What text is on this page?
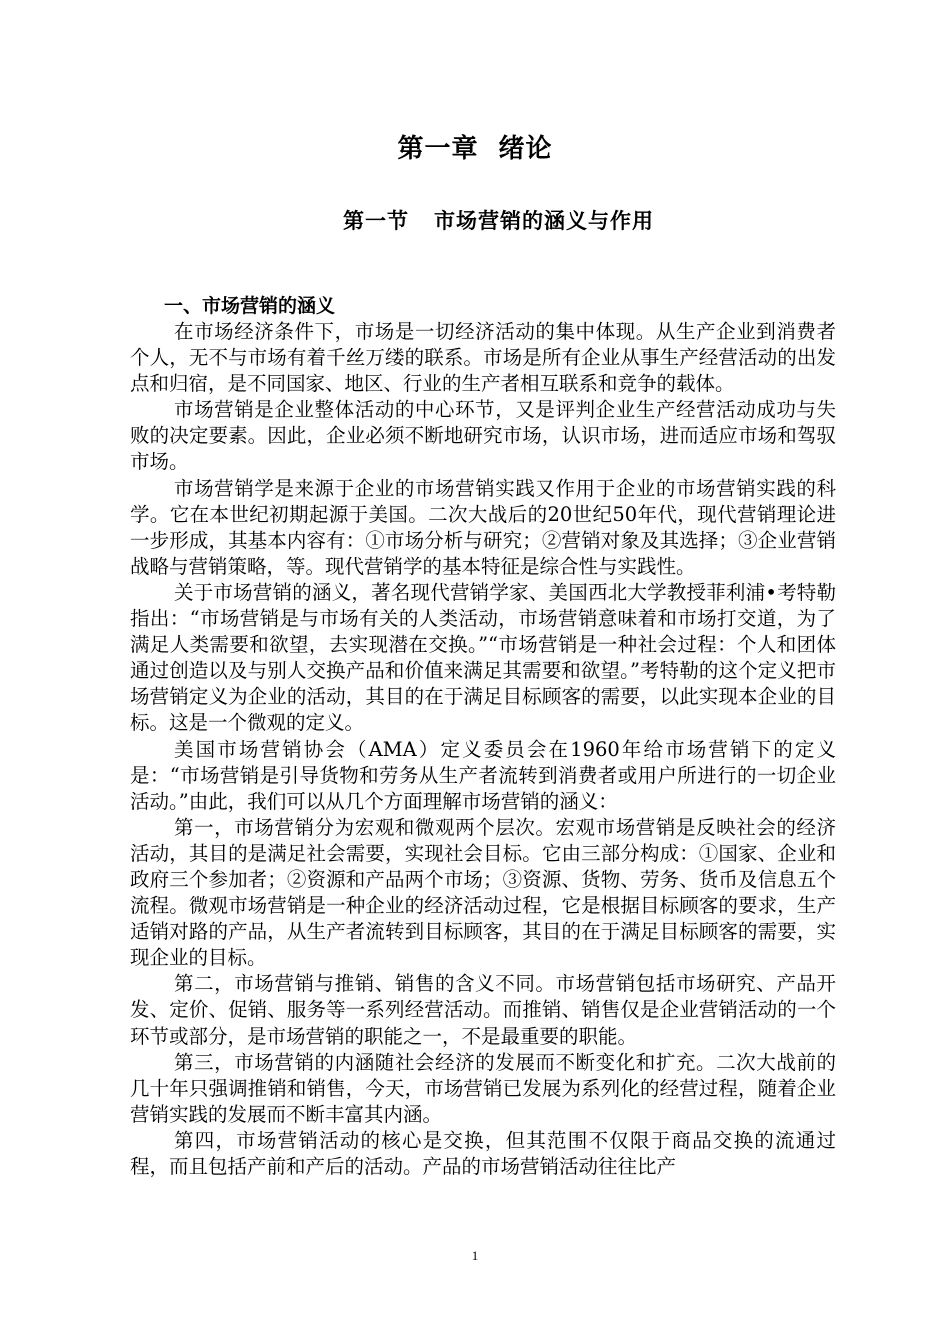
第一章  绪论
第一节   市场营销的涵义与作用

一、市场营销的涵义

在市场经济条件下，市场是一切经济活动的集中体现。从生产企业到消费者个人，无不与市场有着千丝万缕的联系。市场是所有企业从事生产经营活动的出发点和归宿，是不同国家、地区、行业的生产者相互联系和竞争的载体。

市场营销是企业整体活动的中心环节，又是评判企业生产经营活动成功与失败的决定要素。因此，企业必须不断地研究市场，认识市场，进而适应市场和驾驭市场。

市场营销学是来源于企业的市场营销实践又作用于企业的市场营销实践的科学。它在本世纪初期起源于美国。二次大战后的20世纪50年代，现代营销理论进一步形成，其基本内容有：①市场分析与研究；②营销对象及其选择；③企业营销战略与营销策略，等。现代营销学的基本特征是综合性与实践性。

关于市场营销的涵义，著名现代营销学家、美国西北大学教授菲利浦•考特勒指出：“市场营销是与市场有关的人类活动，市场营销意味着和市场打交道，为了满足人类需要和欲望，去实现潜在交换。”“市场营销是一种社会过程：个人和团体通过创造以及与别人交换产品和价值来满足其需要和欲望。”考特勒的这个定义把市场营销定义为企业的活动，其目的在于满足目标顾客的需要，以此实现本企业的目标。这是一个微观的定义。

美国市场营销协会（AMA）定义委员会在1960年给市场营销下的定义是：“市场营销是引导货物和劳务从生产者流转到消费者或用户所进行的一切企业活动。”由此，我们可以从几个方面理解市场营销的涵义：

第一，市场营销分为宏观和微观两个层次。宏观市场营销是反映社会的经济活动，其目的是满足社会需要，实现社会目标。它由三部分构成：①国家、企业和政府三个参加者；②资源和产品两个市场；③资源、货物、劳务、货币及信息五个流程。微观市场营销是一种企业的经济活动过程，它是根据目标顾客的要求，生产适销对路的产品，从生产者流转到目标顾客，其目的在于满足目标顾客的需要，实现企业的目标。

第二，市场营销与推销、销售的含义不同。市场营销包括市场研究、产品开发、定价、促销、服务等一系列经营活动。而推销、销售仅是企业营销活动的一个环节或部分，是市场营销的职能之一，不是最重要的职能。

第三，市场营销的内涵随社会经济的发展而不断变化和扩充。二次大战前的几十年只强调推销和销售，今天，市场营销已发展为系列化的经营过程，随着企业营销实践的发展而不断丰富其内涵。

第四，市场营销活动的核心是交换，但其范围不仅限于商品交换的流通过程，而且包括产前和产后的活动。产品的市场营销活动往往比产

1
